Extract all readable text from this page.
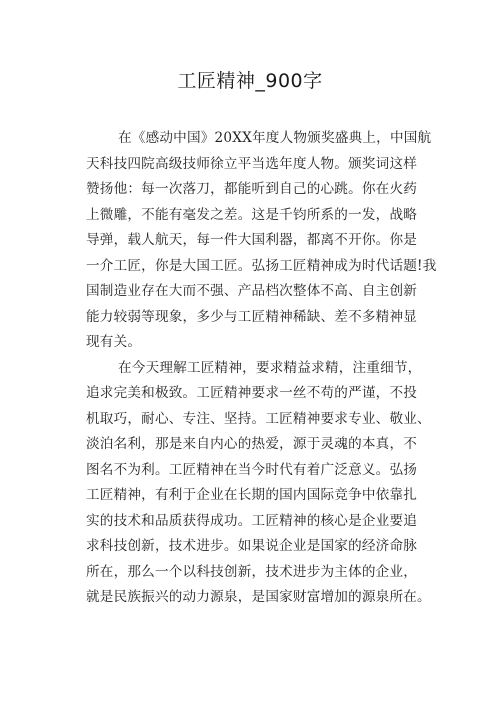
工匠精神_900字
在《感动中国》20XX年度人物颁奖盛典上，中国航
天科技四院高级技师徐立平当选年度人物。颁奖词这样
赞扬他：每一次落刀，都能听到自己的心跳。你在火药
上微雕，不能有毫发之差。这是千钧所系的一发，战略
导弹，载人航天，每一件大国利器，都离不开你。你是
一介工匠，你是大国工匠。弘扬工匠精神成为时代话题!我
国制造业存在大而不强、产品档次整体不高、自主创新
能力较弱等现象，多少与工匠精神稀缺、差不多精神显
现有关。
在今天理解工匠精神，要求精益求精，注重细节，
追求完美和极致。工匠精神要求一丝不苟的严谨，不投
机取巧，耐心、专注、坚持。工匠精神要求专业、敬业、
淡泊名利，那是来自内心的热爱，源于灵魂的本真，不
图名不为利。工匠精神在当今时代有着广泛意义。弘扬
工匠精神，有利于企业在长期的国内国际竞争中依靠扎
实的技术和品质获得成功。工匠精神的核心是企业要追
求科技创新，技术进步。如果说企业是国家的经济命脉
所在，那么一个以科技创新，技术进步为主体的企业，
就是民族振兴的动力源泉，是国家财富增加的源泉所在。
